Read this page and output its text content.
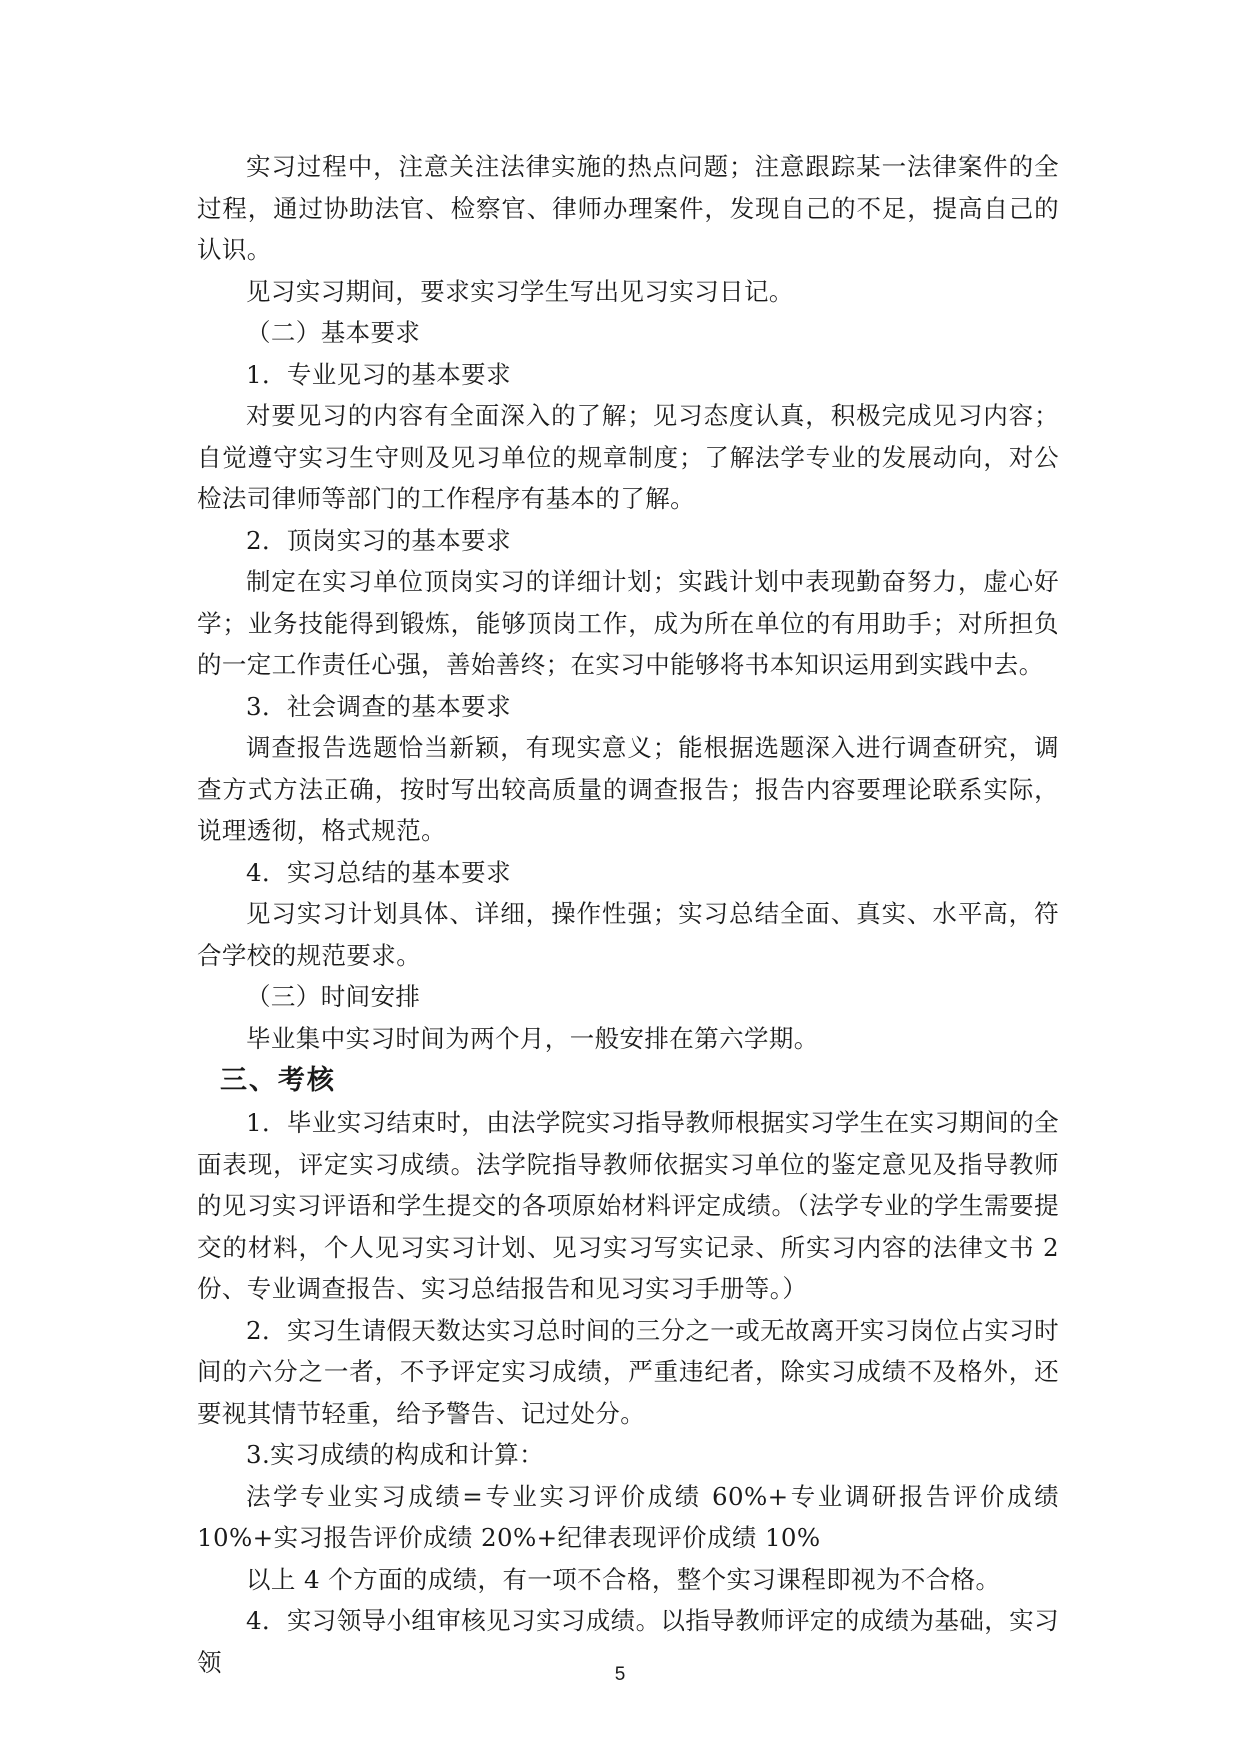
实习过程中，注意关注法律实施的热点问题；注意跟踪某一法律案件的全过程，通过协助法官、检察官、律师办理案件，发现自己的不足，提高自己的认识。

见习实习期间，要求实习学生写出见习实习日记。

（二）基本要求

1．专业见习的基本要求

对要见习的内容有全面深入的了解；见习态度认真，积极完成见习内容；自觉遵守实习生守则及见习单位的规章制度；了解法学专业的发展动向，对公检法司律师等部门的工作程序有基本的了解。

2．顶岗实习的基本要求

制定在实习单位顶岗实习的详细计划；实践计划中表现勤奋努力，虚心好学；业务技能得到锻炼，能够顶岗工作，成为所在单位的有用助手；对所担负的一定工作责任心强，善始善终；在实习中能够将书本知识运用到实践中去。

3．社会调查的基本要求

调查报告选题恰当新颖，有现实意义；能根据选题深入进行调查研究，调查方式方法正确，按时写出较高质量的调查报告；报告内容要理论联系实际，说理透彻，格式规范。

4．实习总结的基本要求

见习实习计划具体、详细，操作性强；实习总结全面、真实、水平高，符合学校的规范要求。

（三）时间安排

毕业集中实习时间为两个月，一般安排在第六学期。

三、考核

1．毕业实习结束时，由法学院实习指导教师根据实习学生在实习期间的全面表现，评定实习成绩。法学院指导教师依据实习单位的鉴定意见及指导教师的见习实习评语和学生提交的各项原始材料评定成绩。（法学专业的学生需要提交的材料，个人见习实习计划、见习实习写实记录、所实习内容的法律文书 2 份、专业调查报告、实习总结报告和见习实习手册等。）

2．实习生请假天数达实习总时间的三分之一或无故离开实习岗位占实习时间的六分之一者，不予评定实习成绩，严重违纪者，除实习成绩不及格外，还要视其情节轻重，给予警告、记过处分。

3.实习成绩的构成和计算：

法学专业实习成绩=专业实习评价成绩 60%+专业调研报告评价成绩 10%+实习报告评价成绩 20%+纪律表现评价成绩 10%

以上 4 个方面的成绩，有一项不合格，整个实习课程即视为不合格。

4．实习领导小组审核见习实习成绩。以指导教师评定的成绩为基础，实习领	5
